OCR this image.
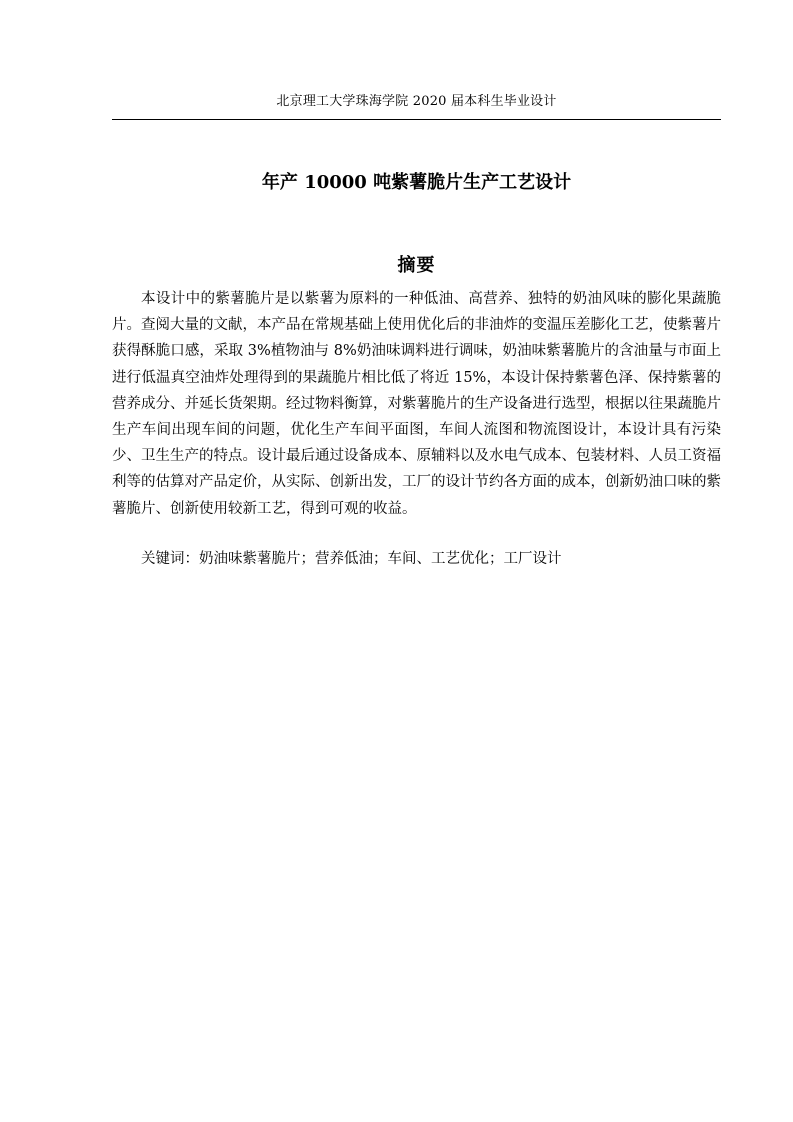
北京理工大学珠海学院 2020 届本科生毕业设计
年产 10000 吨紫薯脆片生产工艺设计
摘要

本设计中的紫薯脆片是以紫薯为原料的一种低油、高营养、独特的奶油风味的膨化果蔬脆片。查阅大量的文献，本产品在常规基础上使用优化后的非油炸的变温压差膨化工艺，使紫薯片获得酥脆口感，采取 3%植物油与 8%奶油味调料进行调味，奶油味紫薯脆片的含油量与市面上进行低温真空油炸处理得到的果蔬脆片相比低了将近 15%，本设计保持紫薯色泽、保持紫薯的营养成分、并延长货架期。经过物料衡算，对紫薯脆片的生产设备进行选型，根据以往果蔬脆片生产车间出现车间的问题，优化生产车间平面图，车间人流图和物流图设计，本设计具有污染少、卫生生产的特点。设计最后通过设备成本、原辅料以及水电气成本、包装材料、人员工资福利等的估算对产品定价，从实际、创新出发，工厂的设计节约各方面的成本，创新奶油口味的紫薯脆片、创新使用较新工艺，得到可观的收益。

关键词：奶油味紫薯脆片；营养低油；车间、工艺优化；工厂设计
